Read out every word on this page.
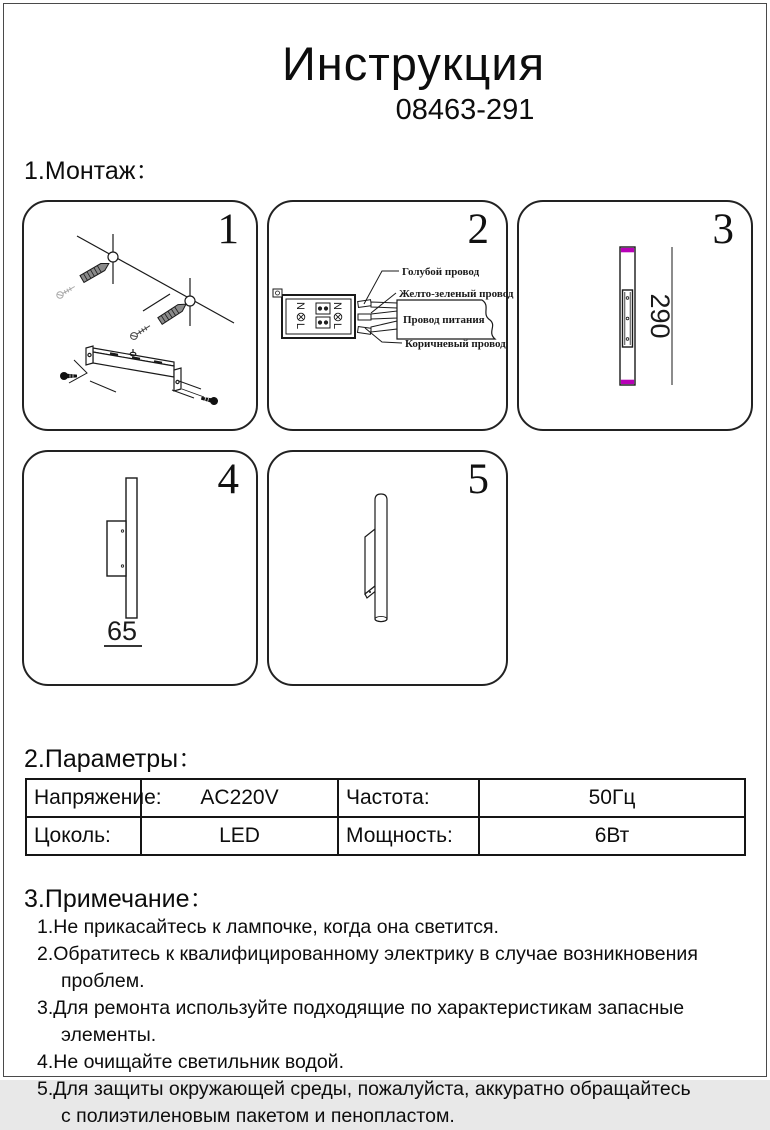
Инструкция
08463-291
1.Монтаж：
1	2
N
L
N
L
Провод питания
Голубой провод
Желто-зеленый провод
Коричневый провод
3
290
4
65
5
2.Параметры：
Напряжение:	AC220V	Частота:	50Гц
Цоколь:	LED	Мощность:	6Вт
3.Примечание：
1.Не прикасайтесь к лампочке, когда она светится.
2.Обратитесь к квалифицированному электрику в случае возникновения проблем.
3.Для ремонта используйте подходящие по характеристикам запасные элементы.
4.Не очищайте светильник водой.
5.Для защиты окружающей среды, пожалуйста, аккуратно обращайтесь с полиэтиленовым пакетом и пенопластом.
